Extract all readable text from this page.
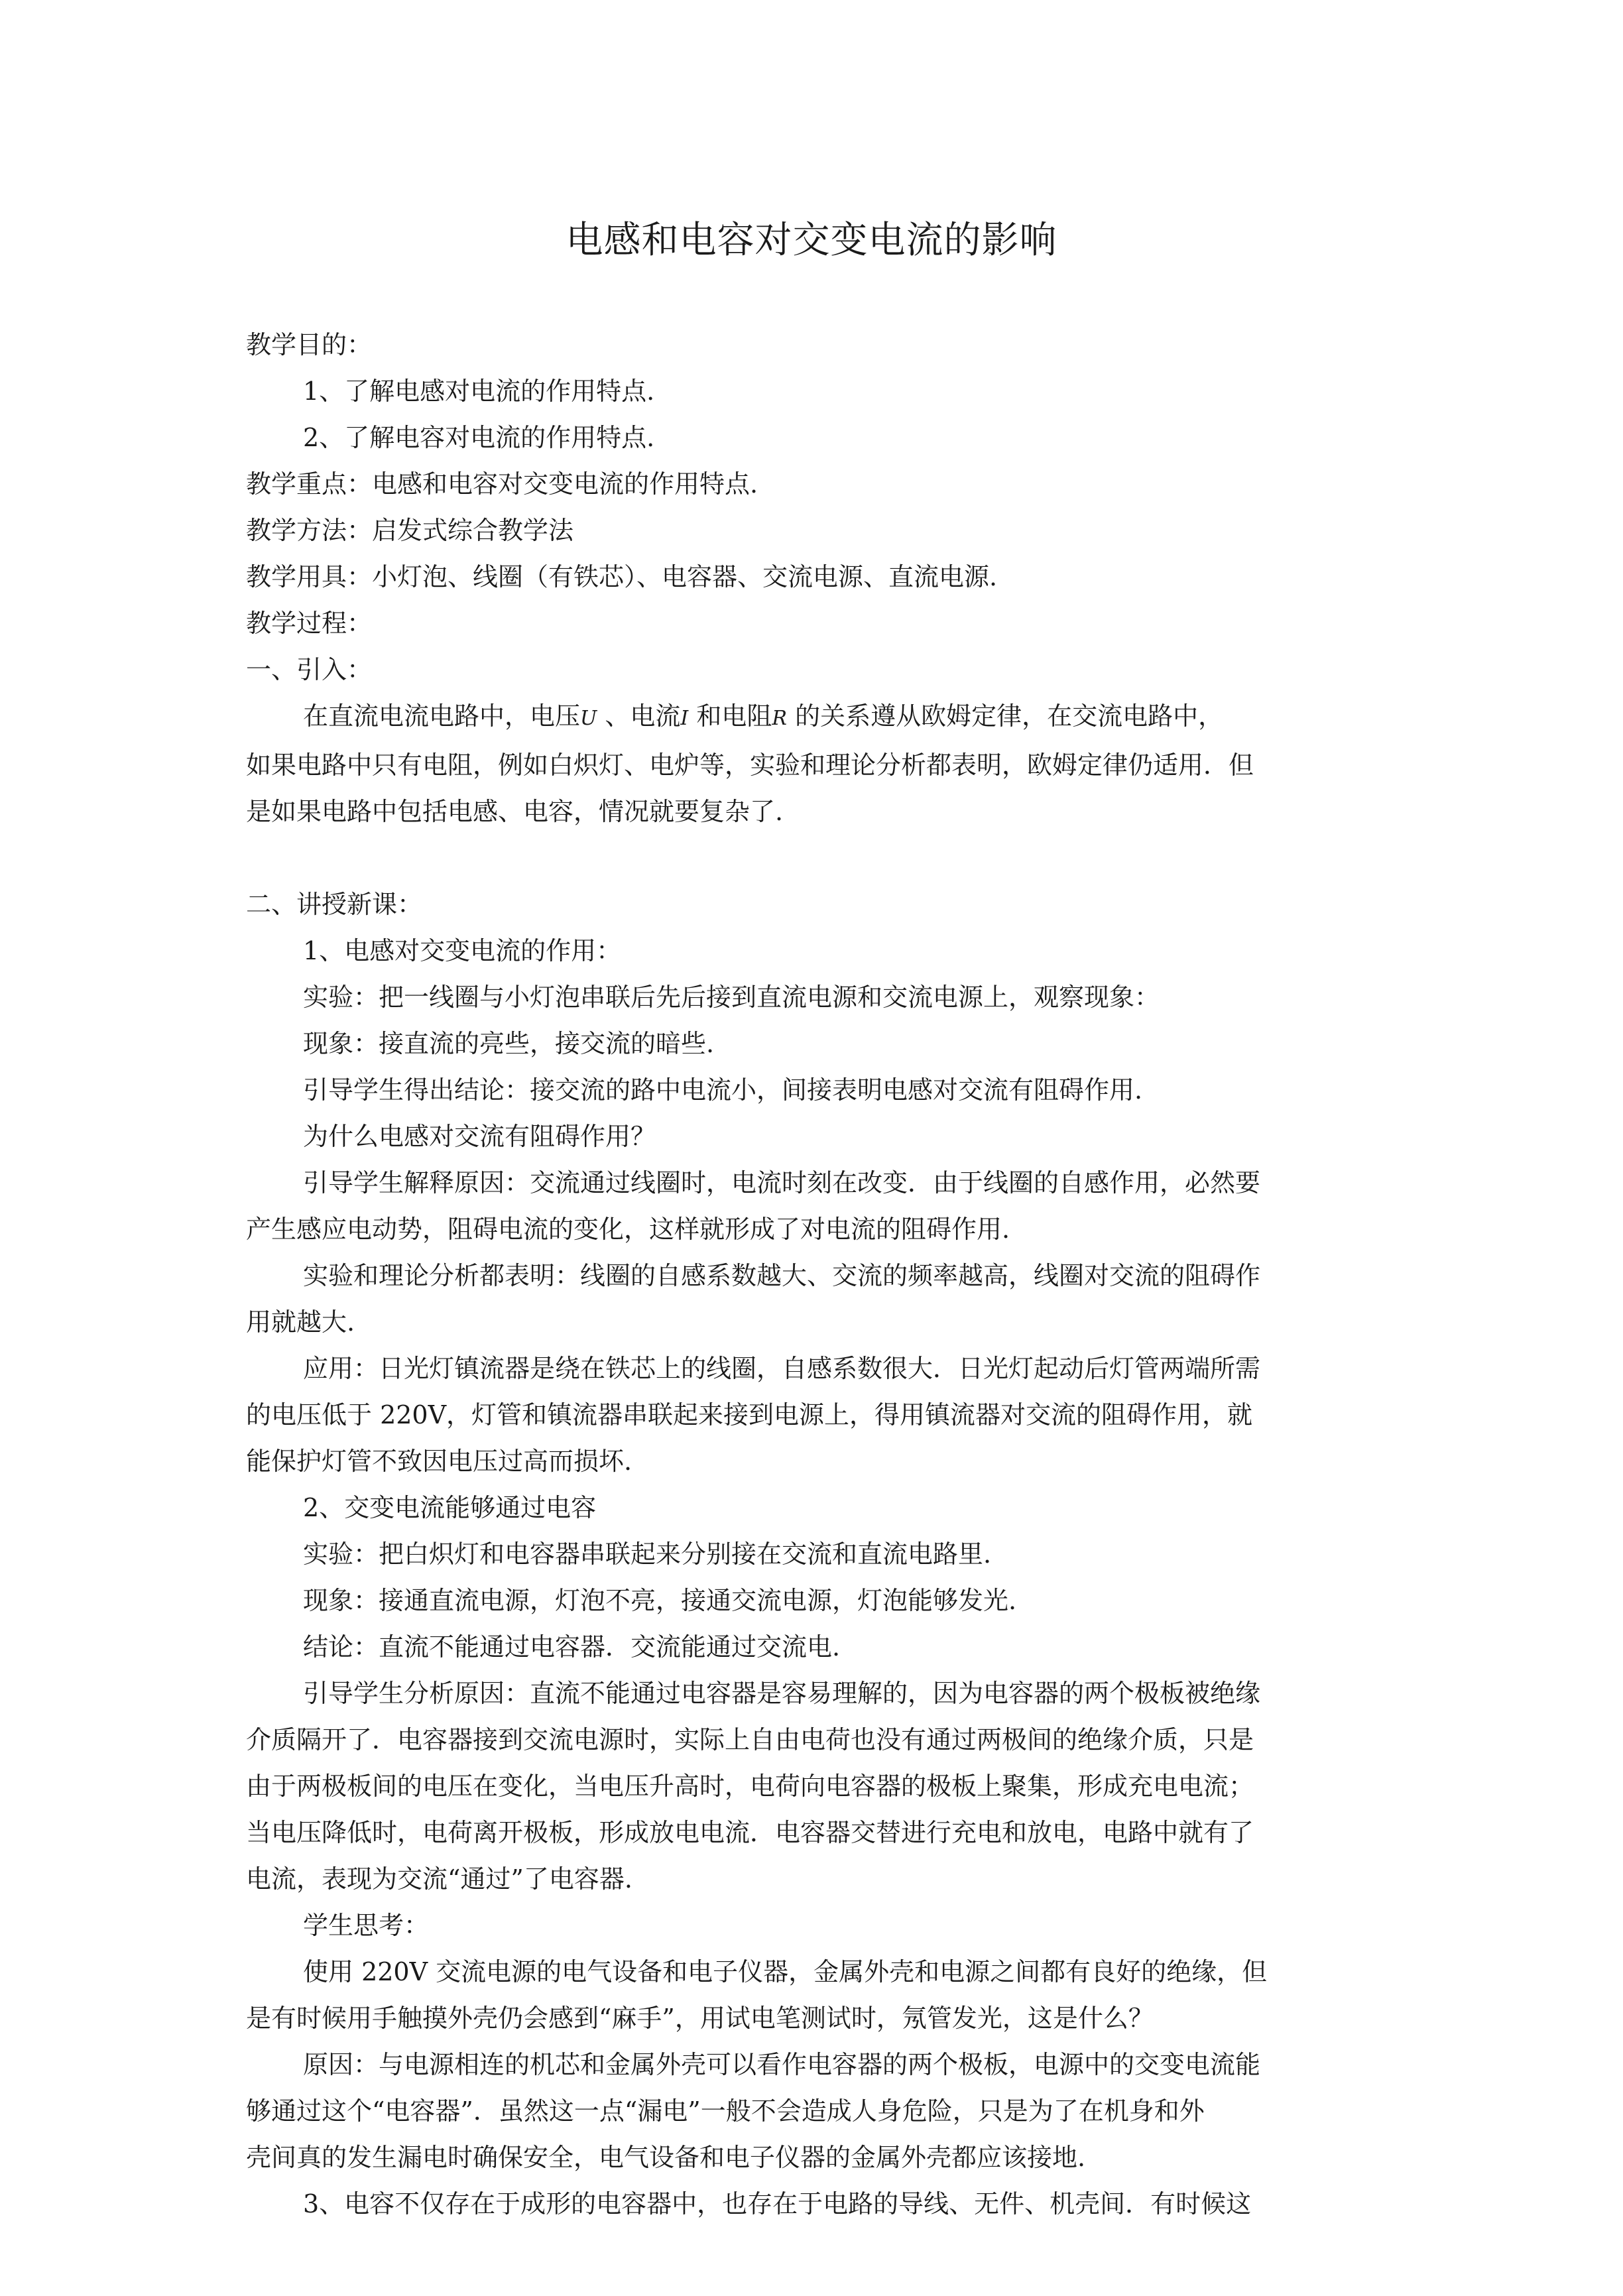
电感和电容对交变电流的影响

教学目的：

1、了解电感对电流的作用特点.

2、了解电容对电流的作用特点.

教学重点：电感和电容对交变电流的作用特点.

教学方法：启发式综合教学法

教学用具：小灯泡、线圈（有铁芯）、电容器、交流电源、直流电源.

教学过程：

一、引入：

在直流电流电路中，电压U 、电流I 和电阻R 的关系遵从欧姆定律，在交流电路中，

如果电路中只有电阻，例如白炽灯、电炉等，实验和理论分析都表明，欧姆定律仍适用．但

是如果电路中包括电感、电容，情况就要复杂了.

二、讲授新课：

1、电感对交变电流的作用：

实验：把一线圈与小灯泡串联后先后接到直流电源和交流电源上，观察现象：

现象：接直流的亮些，接交流的暗些.

引导学生得出结论：接交流的路中电流小，间接表明电感对交流有阻碍作用.

为什么电感对交流有阻碍作用？

引导学生解释原因：交流通过线圈时，电流时刻在改变．由于线圈的自感作用，必然要

产生感应电动势，阻碍电流的变化，这样就形成了对电流的阻碍作用.

实验和理论分析都表明：线圈的自感系数越大、交流的频率越高，线圈对交流的阻碍作

用就越大.

应用：日光灯镇流器是绕在铁芯上的线圈，自感系数很大．日光灯起动后灯管两端所需

的电压低于 220V，灯管和镇流器串联起来接到电源上，得用镇流器对交流的阻碍作用，就

能保护灯管不致因电压过高而损坏.

2、交变电流能够通过电容

实验：把白炽灯和电容器串联起来分别接在交流和直流电路里.

现象：接通直流电源，灯泡不亮，接通交流电源，灯泡能够发光.

结论：直流不能通过电容器．交流能通过交流电.

引导学生分析原因：直流不能通过电容器是容易理解的，因为电容器的两个极板被绝缘

介质隔开了．电容器接到交流电源时，实际上自由电荷也没有通过两极间的绝缘介质，只是

由于两极板间的电压在变化，当电压升高时，电荷向电容器的极板上聚集，形成充电电流；

当电压降低时，电荷离开极板，形成放电电流．电容器交替进行充电和放电，电路中就有了

电流，表现为交流“通过”了电容器.

学生思考：

使用 220V 交流电源的电气设备和电子仪器，金属外壳和电源之间都有良好的绝缘，但

是有时候用手触摸外壳仍会感到“麻手”，用试电笔测试时，氖管发光，这是什么？

原因：与电源相连的机芯和金属外壳可以看作电容器的两个极板，电源中的交变电流能

够通过这个“电容器”．虽然这一点“漏电”一般不会造成人身危险，只是为了在机身和外

壳间真的发生漏电时确保安全，电气设备和电子仪器的金属外壳都应该接地.

3、电容不仅存在于成形的电容器中，也存在于电路的导线、无件、机壳间．有时候这
